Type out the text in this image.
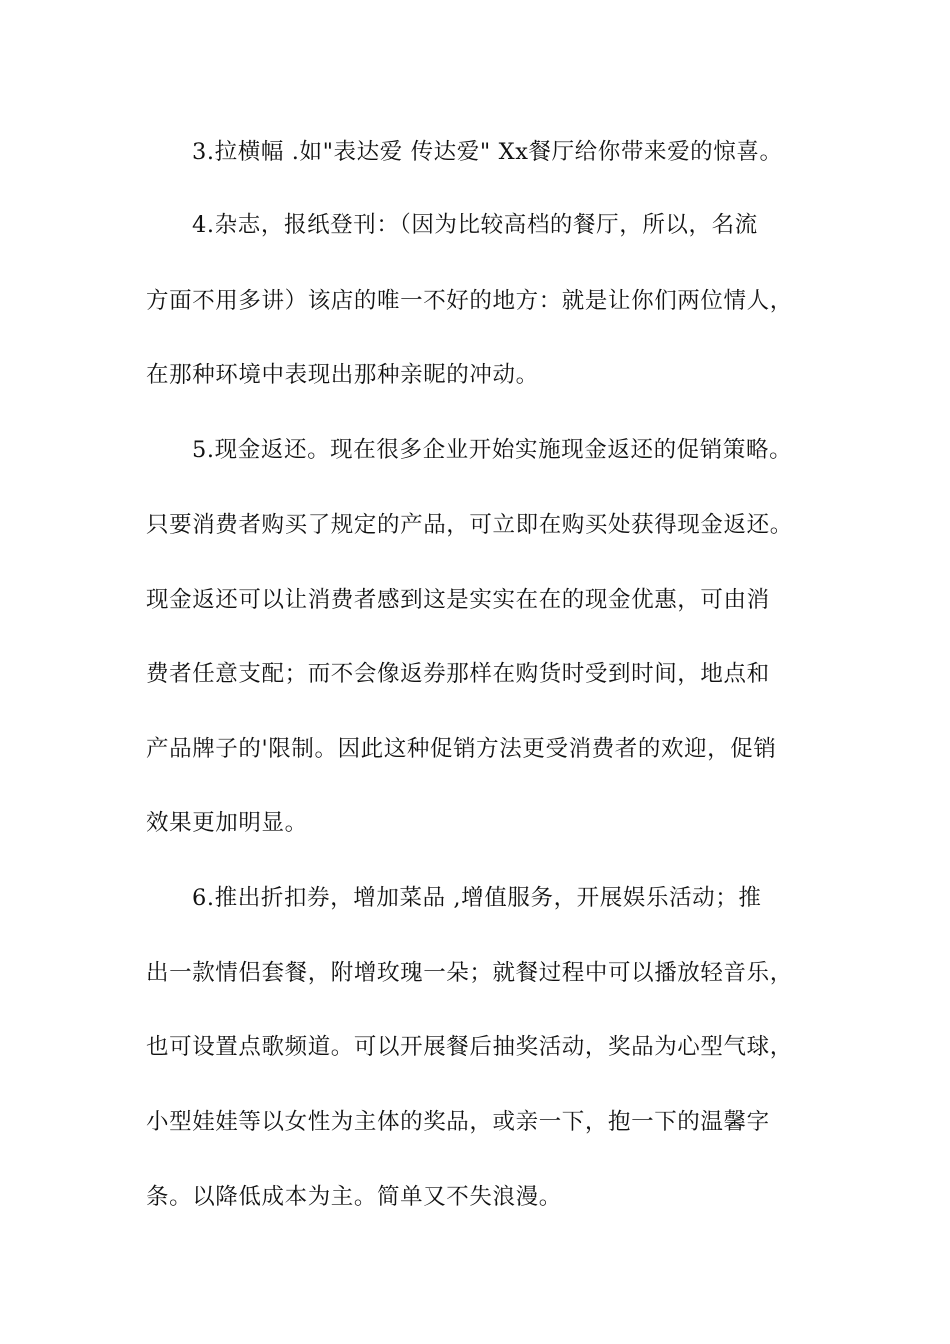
3.拉横幅 .如"表达爱 传达爱" Xx餐厅给你带来爱的惊喜。
4.杂志，报纸登刊：（因为比较高档的餐厅，所以，名流
方面不用多讲）该店的唯一不好的地方：就是让你们两位情人，
在那种环境中表现出那种亲昵的冲动。
5.现金返还。现在很多企业开始实施现金返还的促销策略。
只要消费者购买了规定的产品，可立即在购买处获得现金返还。
现金返还可以让消费者感到这是实实在在的现金优惠，可由消
费者任意支配；而不会像返券那样在购货时受到时间，地点和
产品牌子的'限制。因此这种促销方法更受消费者的欢迎，促销
效果更加明显。
6.推出折扣券，增加菜品 ,增值服务，开展娱乐活动；推
出一款情侣套餐，附增玫瑰一朵；就餐过程中可以播放轻音乐，
也可设置点歌频道。可以开展餐后抽奖活动，奖品为心型气球，
小型娃娃等以女性为主体的奖品，或亲一下，抱一下的温馨字
条。以降低成本为主。简单又不失浪漫。
